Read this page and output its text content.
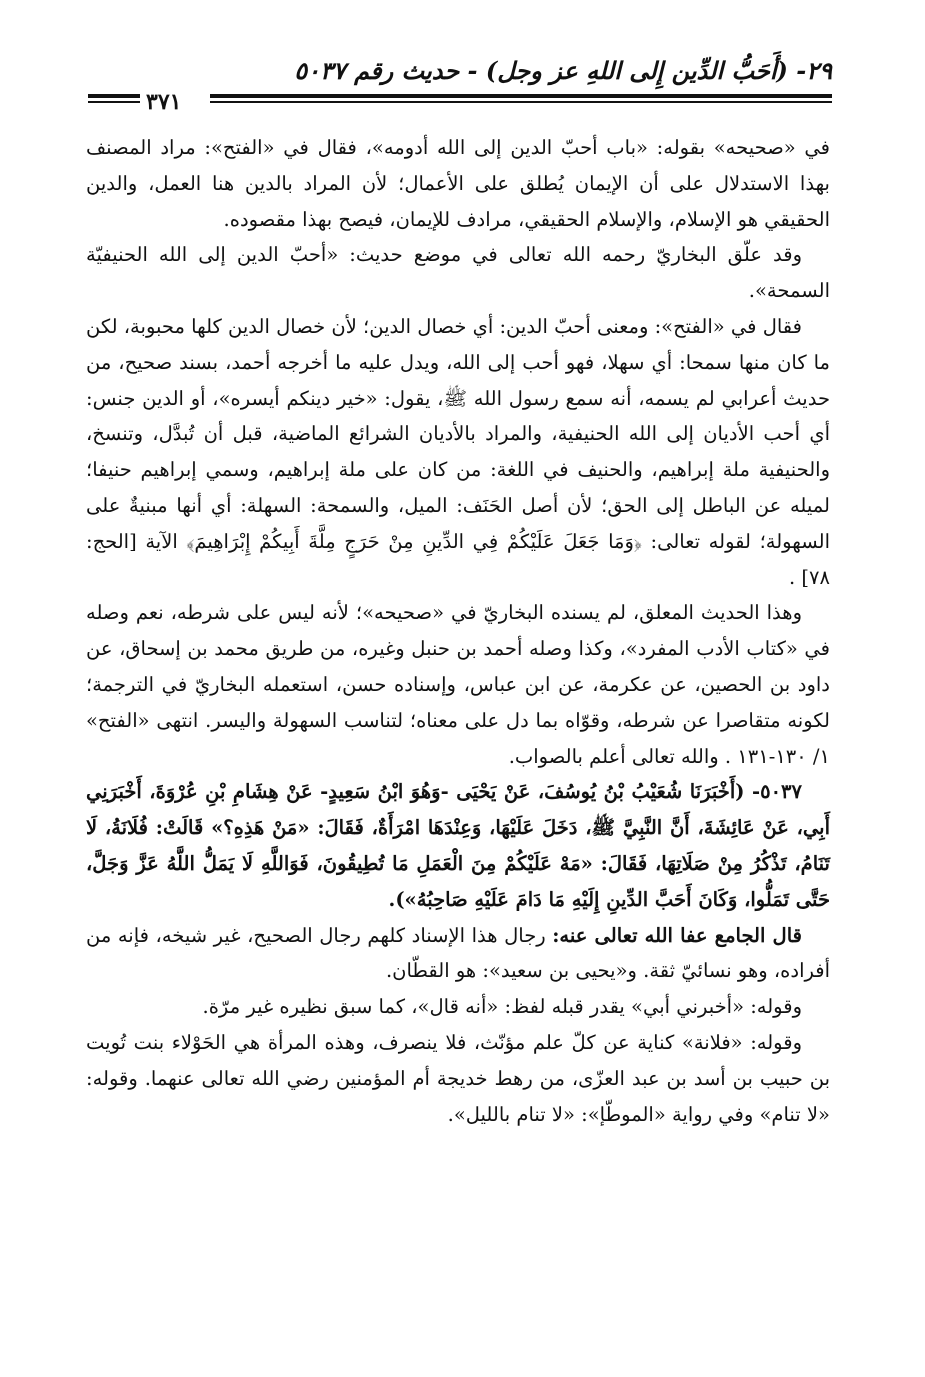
٢٩- (أَحَبُّ الدِّين إِلى اللهِ عز وجل) - حديث رقم ٥٠٣٧
٣٧١

في «صحيحه» بقوله: «باب أحبّ الدين إلى الله أدومه»، فقال في «الفتح»: مراد المصنف بهذا الاستدلال على أن الإيمان يُطلق على الأعمال؛ لأن المراد بالدين هنا العمل، والدين الحقيقي هو الإسلام، والإسلام الحقيقي، مرادف للإيمان، فيصح بهذا مقصوده.

وقد علّق البخاريّ رحمه الله تعالى في موضع حديث: «أحبّ الدين إلى الله الحنيفيّة السمحة».

فقال في «الفتح»: ومعنى أحبّ الدين: أي خصال الدين؛ لأن خصال الدين كلها محبوبة، لكن ما كان منها سمحا: أي سهلا، فهو أحب إلى الله، ويدل عليه ما أخرجه أحمد، بسند صحيح، من حديث أعرابي لم يسمه، أنه سمع رسول الله ﷺ، يقول: «خير دينكم أيسره»، أو الدين جنس: أي أحب الأديان إلى الله الحنيفية، والمراد بالأديان الشرائع الماضية، قبل أن تُبدَّل، وتنسخ، والحنيفية ملة إبراهيم، والحنيف في اللغة: من كان على ملة إبراهيم، وسمي إبراهيم حنيفا؛ لميله عن الباطل إلى الحق؛ لأن أصل الحَنَف: الميل، والسمحة: السهلة: أي أنها مبنيةٌ على السهولة؛ لقوله تعالى: ﴿وَمَا جَعَلَ عَلَيْكُمْ فِي الدِّينِ مِنْ حَرَجٍ مِلَّةَ أَبِيكُمْ إِبْرَاهِيمَ﴾ الآية [الحج: ٧٨] .

وهذا الحديث المعلق، لم يسنده البخاريّ في «صحيحه»؛ لأنه ليس على شرطه، نعم وصله في «كتاب الأدب المفرد»، وكذا وصله أحمد بن حنبل وغيره، من طريق محمد بن إسحاق، عن داود بن الحصين، عن عكرمة، عن ابن عباس، وإسناده حسن، استعمله البخاريّ في الترجمة؛ لكونه متقاصرا عن شرطه، وقوّاه بما دل على معناه؛ لتناسب السهولة واليسر. انتهى «الفتح» ١/ ١٣٠-١٣١ . والله تعالى أعلم بالصواب.

٥٠٣٧- (أَخْبَرَنَا شُعَيْبُ بْنُ يُوسُفَ، عَنْ يَحْيَى -وَهُوَ ابْنُ سَعِيدٍ- عَنْ هِشَامِ بْنِ عُرْوَةَ، أَخْبَرَنِي أَبِي، عَنْ عَائِشَةَ، أَنَّ النَّبِيَّ ﷺ، دَخَلَ عَلَيْهَا، وَعِنْدَهَا امْرَأَةٌ، فَقَالَ: «مَنْ هَذِهِ؟» قَالَتْ: فُلَانَةُ، لَا تَنَامُ، تَذْكُرُ مِنْ صَلَاتِهَا، فَقَالَ: «مَهْ عَلَيْكُمْ مِنَ الْعَمَلِ مَا تُطِيقُونَ، فَوَاللَّهِ لَا يَمَلُّ اللَّهُ عَزَّ وَجَلَّ، حَتَّى تَمَلُّوا، وَكَانَ أَحَبَّ الدِّينِ إِلَيْهِ مَا دَامَ عَلَيْهِ صَاحِبُهُ»).

قال الجامع عفا الله تعالى عنه: رجال هذا الإسناد كلهم رجال الصحيح، غير شيخه، فإنه من أفراده، وهو نسائيّ ثقة. و«يحيى بن سعيد»: هو القطّان.

وقوله: «أخبرني أبي» يقدر قبله لفظ: «أنه قال»، كما سبق نظيره غير مرّة.

وقوله: «فلانة» كناية عن كلّ علم مؤنّث، فلا ينصرف، وهذه المرأة هي الحَوْلاء بنت تُويت بن حبيب بن أسد بن عبد العزّى، من رهط خديجة أم المؤمنين رضي الله تعالى عنهما. وقوله: «لا تنام» وفي رواية «الموطّإ»: «لا تنام بالليل».
